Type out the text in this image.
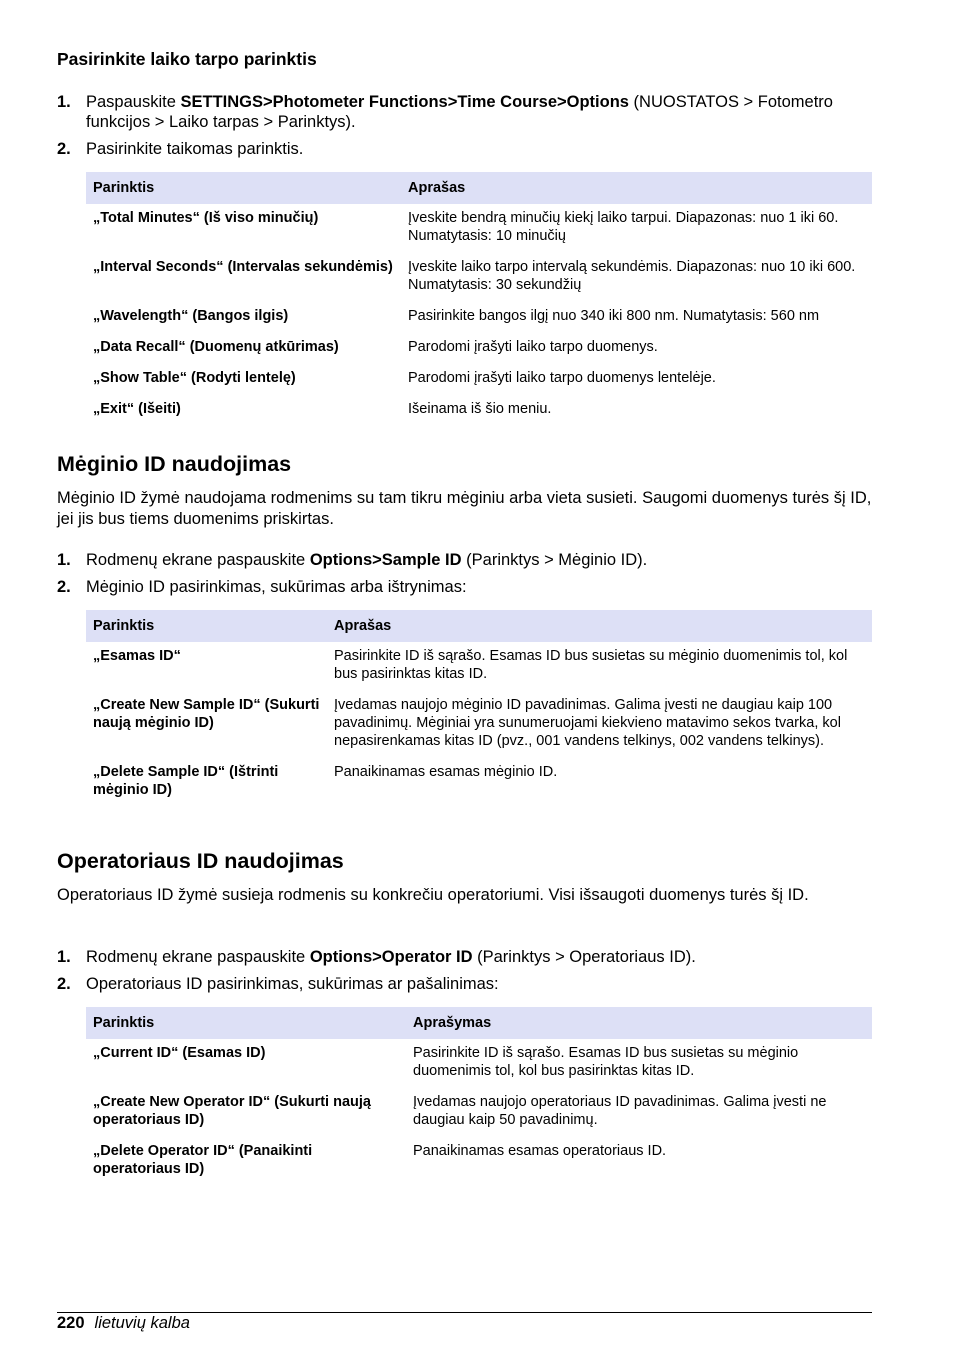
Pasirinkite laiko tarpo parinktis
1. Paspauskite SETTINGS>Photometer Functions>Time Course>Options (NUOSTATOS > Fotometro funkcijos > Laiko tarpas > Parinktys).
2. Pasirinkite taikomas parinktis.
Parinktis	Aprašas
„Total Minutes“ (Iš viso minučių)	Įveskite bendrą minučių kiekį laiko tarpui. Diapazonas: nuo 1 iki 60. Numatytasis: 10 minučių
„Interval Seconds“ (Intervalas sekundėmis)	Įveskite laiko tarpo intervalą sekundėmis. Diapazonas: nuo 10 iki 600. Numatytasis: 30 sekundžių
„Wavelength“ (Bangos ilgis)	Pasirinkite bangos ilgį nuo 340 iki 800 nm. Numatytasis: 560 nm
„Data Recall“ (Duomenų atkūrimas)	Parodomi įrašyti laiko tarpo duomenys.
„Show Table“ (Rodyti lentelę)	Parodomi įrašyti laiko tarpo duomenys lentelėje.
„Exit“ (Išeiti)	Išeinama iš šio meniu.
Mėginio ID naudojimas

Mėginio ID žymė naudojama rodmenims su tam tikru mėginiu arba vieta susieti. Saugomi duomenys turės šį ID, jei jis bus tiems duomenims priskirtas.

1. Rodmenų ekrane paspauskite Options>Sample ID (Parinktys > Mėginio ID).
2. Mėginio ID pasirinkimas, sukūrimas arba ištrynimas:
Parinktis	Aprašas
„Esamas ID“	Pasirinkite ID iš sąrašo. Esamas ID bus susietas su mėginio duomenimis tol, kol bus pasirinktas kitas ID.
„Create New Sample ID“ (Sukurti naują mėginio ID)	Įvedamas naujojo mėginio ID pavadinimas. Galima įvesti ne daugiau kaip 100 pavadinimų. Mėginiai yra sunumeruojami kiekvieno matavimo sekos tvarka, kol nepasirenkamas kitas ID (pvz., 001 vandens telkinys, 002 vandens telkinys).
„Delete Sample ID“ (Ištrinti mėginio ID)	Panaikinamas esamas mėginio ID.
Operatoriaus ID naudojimas

Operatoriaus ID žymė susieja rodmenis su konkrečiu operatoriumi. Visi išsaugoti duomenys turės šį ID.

1. Rodmenų ekrane paspauskite Options>Operator ID (Parinktys > Operatoriaus ID).
2. Operatoriaus ID pasirinkimas, sukūrimas ar pašalinimas:
Parinktis	Aprašymas
„Current ID“ (Esamas ID)	Pasirinkite ID iš sąrašo. Esamas ID bus susietas su mėginio duomenimis tol, kol bus pasirinktas kitas ID.
„Create New Operator ID“ (Sukurti naują operatoriaus ID)	Įvedamas naujojo operatoriaus ID pavadinimas. Galima įvesti ne daugiau kaip 50 pavadinimų.
„Delete Operator ID“ (Panaikinti operatoriaus ID)	Panaikinamas esamas operatoriaus ID.
220 lietuvių kalba
